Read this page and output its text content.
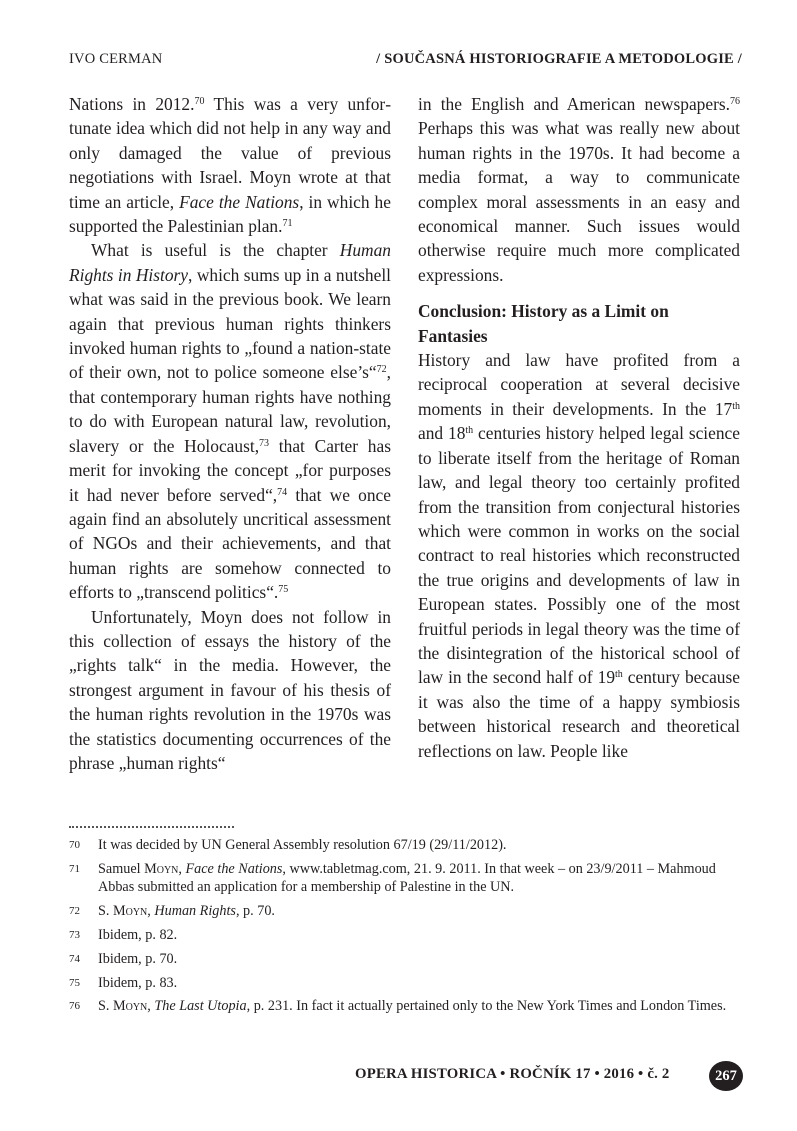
IVO CERMAN	/ SOUČASNÁ HISTORIOGRAFIE A METODOLOGIE /

Nations in 2012.70 This was a very unfortunate idea which did not help in any way and only damaged the value of previous negotiations with Israel. Moyn wrote at that time an article, Face the Nations, in which he supported the Palestinian plan.$^{71}$

What is useful is the chapter Human Rights in History, which sums up in a nutshell what was said in the previous book. We learn again that previous human rights thinkers invoked human rights to „found a nation-state of their own, not to police someone else’s“$^{72}$, that contemporary human rights have nothing to do with European natural law, revolution, slavery or the Holocaust,$^{73}$ that Carter has merit for invoking the concept „for purposes it had never before served“,$^{74}$ that we once again find an absolutely uncritical assessment of NGOs and their achievements, and that human rights are somehow connected to efforts to „transcend politics“.$^{75}$

Unfortunately, Moyn does not follow in this collection of essays the history of the „rights talk“ in the media. However, the strongest argument in favour of his thesis of the human rights revolution in the 1970s was the statistics documenting occurrences of the phrase „human rights“

in the English and American newspapers.$^{76}$ Perhaps this was what was really new about human rights in the 1970s. It had become a media format, a way to communicate complex moral assessments in an easy and economical manner. Such issues would otherwise require much more complicated expressions.

Conclusion: History as a Limit on Fantasies

History and law have profited from a reciprocal cooperation at several decisive moments in their developments. In the 17th and 18th centuries history helped legal science to liberate itself from the heritage of Roman law, and legal theory too certainly profited from the transition from conjectural histories which were common in works on the social contract to real histories which reconstructed the true origins and developments of law in European states. Possibly one of the most fruitful periods in legal theory was the time of the disintegration of the historical school of law in the second half of 19th century because it was also the time of a happy symbiosis between historical research and theoretical reflections on law. People like

70 It was decided by UN General Assembly resolution 67/19 (29/11/2012).
71 Samuel Moyn, Face the Nations, www.tabletmag.com, 21. 9. 2011. In that week – on 23/9/2011 – Mahmoud Abbas submitted an application for a membership of Palestine in the UN.
72 S. Moyn, Human Rights, p. 70.
73 Ibidem, p. 82.
74 Ibidem, p. 70.
75 Ibidem, p. 83.
76 S. Moyn, The Last Utopia, p. 231. In fact it actually pertained only to the New York Times and London Times.
OPERA HISTORICA • ROČNÍK 17 • 2016 • č. 2	267
